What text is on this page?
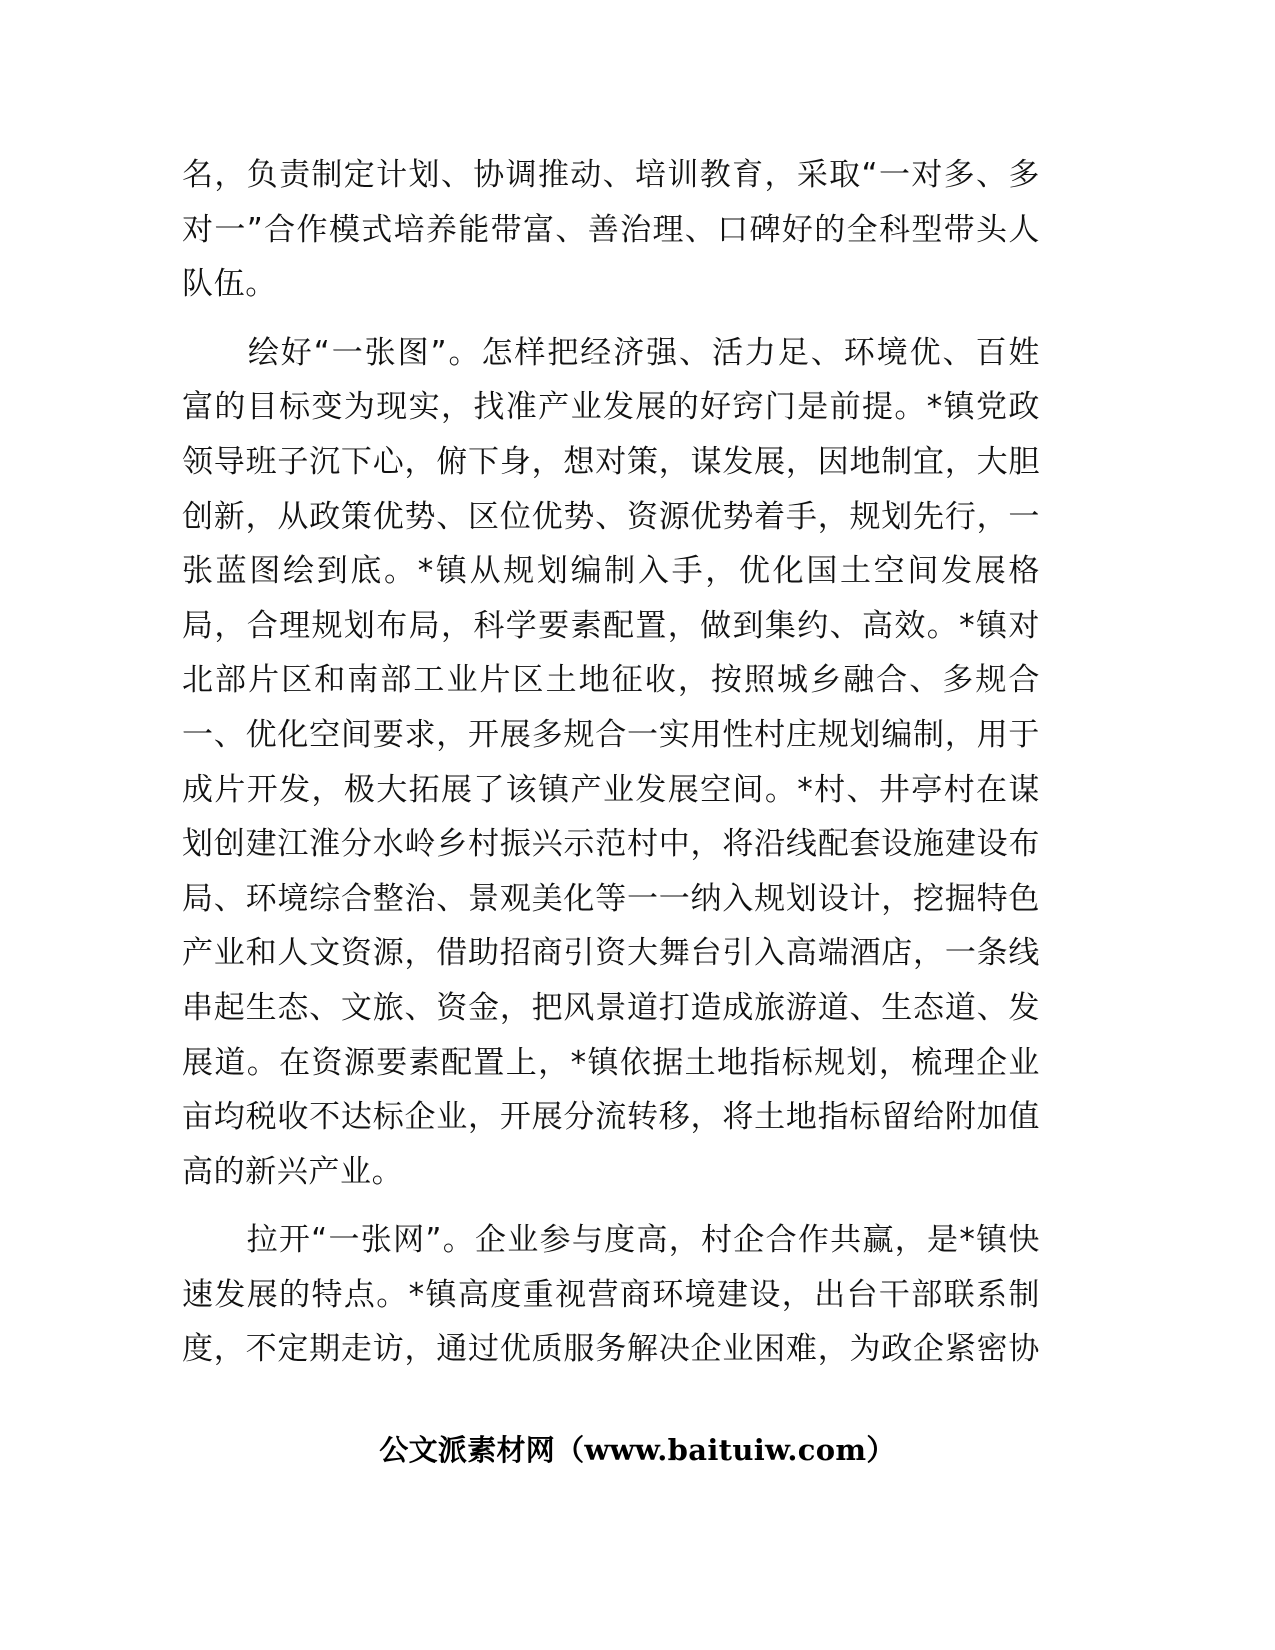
名，负责制定计划、协调推动、培训教育，采取“一对多、多
对一”合作模式培养能带富、善治理、口碑好的全科型带头人
队伍。
　　绘好“一张图”。怎样把经济强、活力足、环境优、百姓
富的目标变为现实，找准产业发展的好窍门是前提。*镇党政
领导班子沉下心，俯下身，想对策，谋发展，因地制宜，大胆
创新，从政策优势、区位优势、资源优势着手，规划先行，一
张蓝图绘到底。*镇从规划编制入手，优化国土空间发展格
局，合理规划布局，科学要素配置，做到集约、高效。*镇对
北部片区和南部工业片区土地征收，按照城乡融合、多规合
一、优化空间要求，开展多规合一实用性村庄规划编制，用于
成片开发，极大拓展了该镇产业发展空间。*村、井亭村在谋
划创建江淮分水岭乡村振兴示范村中，将沿线配套设施建设布
局、环境综合整治、景观美化等一一纳入规划设计，挖掘特色
产业和人文资源，借助招商引资大舞台引入高端酒店，一条线
串起生态、文旅、资金，把风景道打造成旅游道、生态道、发
展道。在资源要素配置上，*镇依据土地指标规划，梳理企业
亩均税收不达标企业，开展分流转移，将土地指标留给附加值
高的新兴产业。
　　拉开“一张网”。企业参与度高，村企合作共赢，是*镇快
速发展的特点。*镇高度重视营商环境建设，出台干部联系制
度，不定期走访，通过优质服务解决企业困难，为政企紧密协
公文派素材网（www.baituiw.com）
